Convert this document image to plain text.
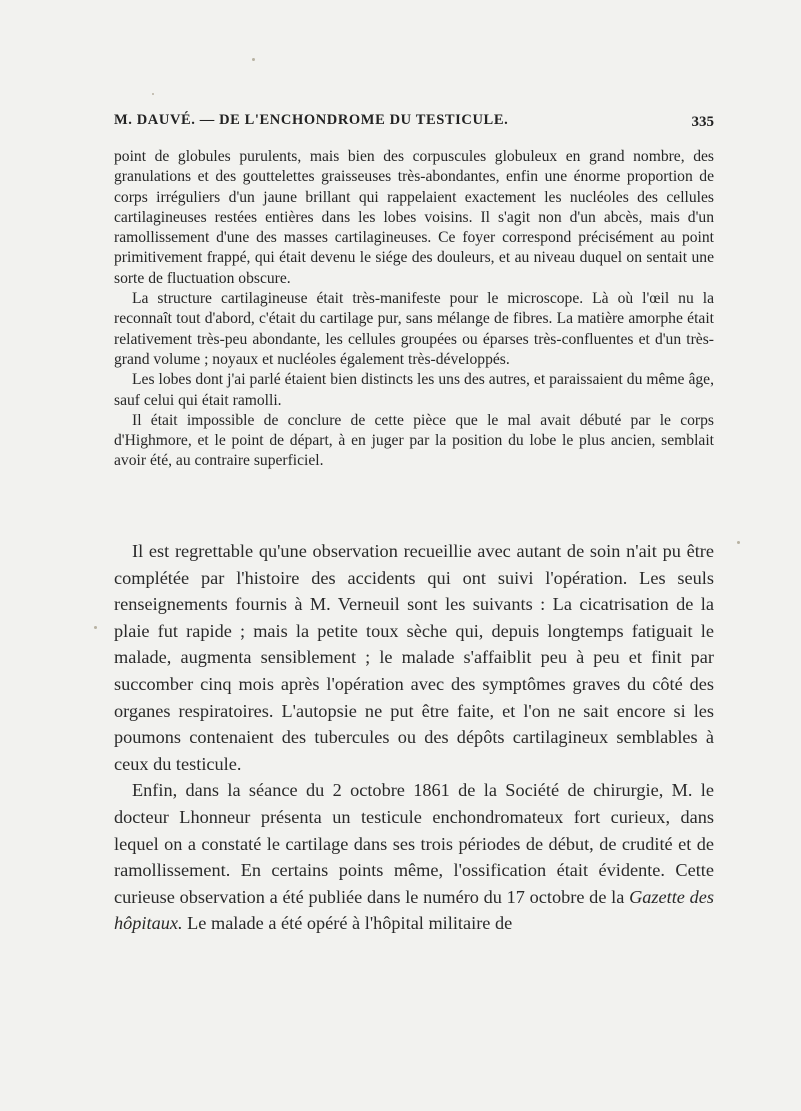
M. DAUVÉ. — DE L'ENCHONDROME DU TESTICULE.	335

point de globules purulents, mais bien des corpuscules globuleux en grand nombre, des granulations et des gouttelettes graisseuses très-abondantes, enfin une énorme proportion de corps irréguliers d'un jaune brillant qui rappelaient exactement les nucléoles des cellules cartilagineuses restées entières dans les lobes voisins. Il s'agit non d'un abcès, mais d'un ramollissement d'une des masses cartilagineuses. Ce foyer correspond précisément au point primitivement frappé, qui était devenu le siége des douleurs, et au niveau duquel on sentait une sorte de fluctuation obscure.

La structure cartilagineuse était très-manifeste pour le microscope. Là où l'œil nu la reconnaît tout d'abord, c'était du cartilage pur, sans mélange de fibres. La matière amorphe était relativement très-peu abondante, les cellules groupées ou éparses très-confluentes et d'un très-grand volume ; noyaux et nucléoles également très-développés.

Les lobes dont j'ai parlé étaient bien distincts les uns des autres, et paraissaient du même âge, sauf celui qui était ramolli.

Il était impossible de conclure de cette pièce que le mal avait débuté par le corps d'Highmore, et le point de départ, à en juger par la position du lobe le plus ancien, semblait avoir été, au contraire superficiel.

Il est regrettable qu'une observation recueillie avec autant de soin n'ait pu être complétée par l'histoire des accidents qui ont suivi l'opération. Les seuls renseignements fournis à M. Verneuil sont les suivants : La cicatrisation de la plaie fut rapide ; mais la petite toux sèche qui, depuis longtemps fatiguait le malade, augmenta sensiblement ; le malade s'affaiblit peu à peu et finit par succomber cinq mois après l'opération avec des symptômes graves du côté des organes respiratoires. L'autopsie ne put être faite, et l'on ne sait encore si les poumons contenaient des tubercules ou des dépôts cartilagineux semblables à ceux du testicule.

Enfin, dans la séance du 2 octobre 1861 de la Société de chirurgie, M. le docteur Lhonneur présenta un testicule enchondromateux fort curieux, dans lequel on a constaté le cartilage dans ses trois périodes de début, de crudité et de ramollissement. En certains points même, l'ossification était évidente. Cette curieuse observation a été publiée dans le numéro du 17 octobre de la Gazette des hôpitaux. Le malade a été opéré à l'hôpital militaire de
